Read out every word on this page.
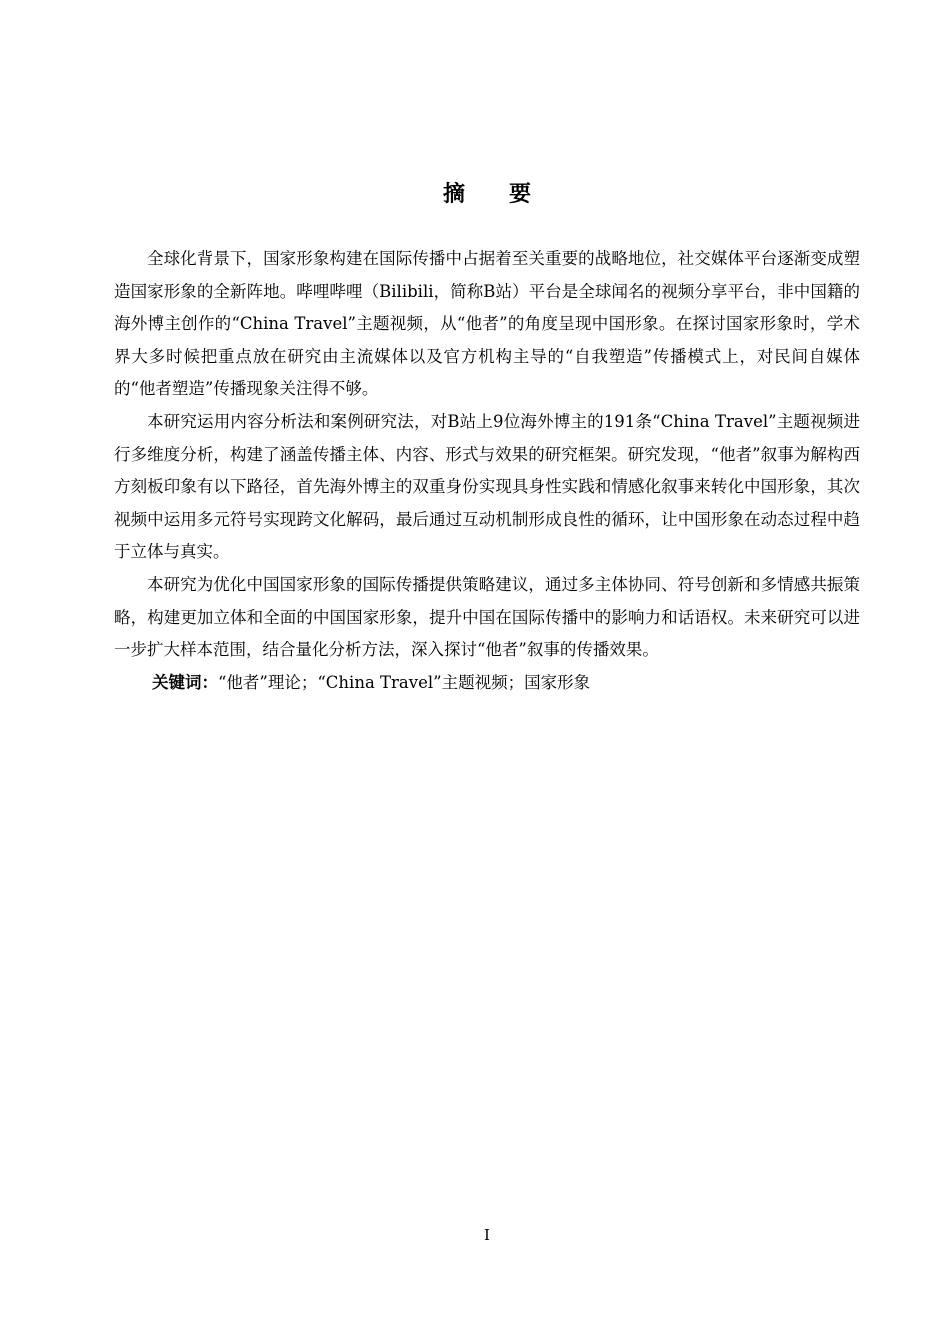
摘 要

全球化背景下，国家形象构建在国际传播中占据着至关重要的战略地位，社交媒体平台逐渐变成塑造国家形象的全新阵地。哔哩哔哩（Bilibili，简称B站）平台是全球闻名的视频分享平台，非中国籍的海外博主创作的“China Travel”主题视频，从“他者”的角度呈现中国形象。在探讨国家形象时，学术界大多时候把重点放在研究由主流媒体以及官方机构主导的“自我塑造”传播模式上，对民间自媒体的“他者塑造”传播现象关注得不够。

本研究运用内容分析法和案例研究法，对B站上9位海外博主的191条“China Travel”主题视频进行多维度分析，构建了涵盖传播主体、内容、形式与效果的研究框架。研究发现，“他者”叙事为解构西方刻板印象有以下路径，首先海外博主的双重身份实现具身性实践和情感化叙事来转化中国形象，其次视频中运用多元符号实现跨文化解码，最后通过互动机制形成良性的循环，让中国形象在动态过程中趋于立体与真实。

本研究为优化中国国家形象的国际传播提供策略建议，通过多主体协同、符号创新和多情感共振策略，构建更加立体和全面的中国国家形象，提升中国在国际传播中的影响力和话语权。未来研究可以进一步扩大样本范围，结合量化分析方法，深入探讨“他者”叙事的传播效果。

关键词：“他者”理论；“China Travel”主题视频；国家形象

I
